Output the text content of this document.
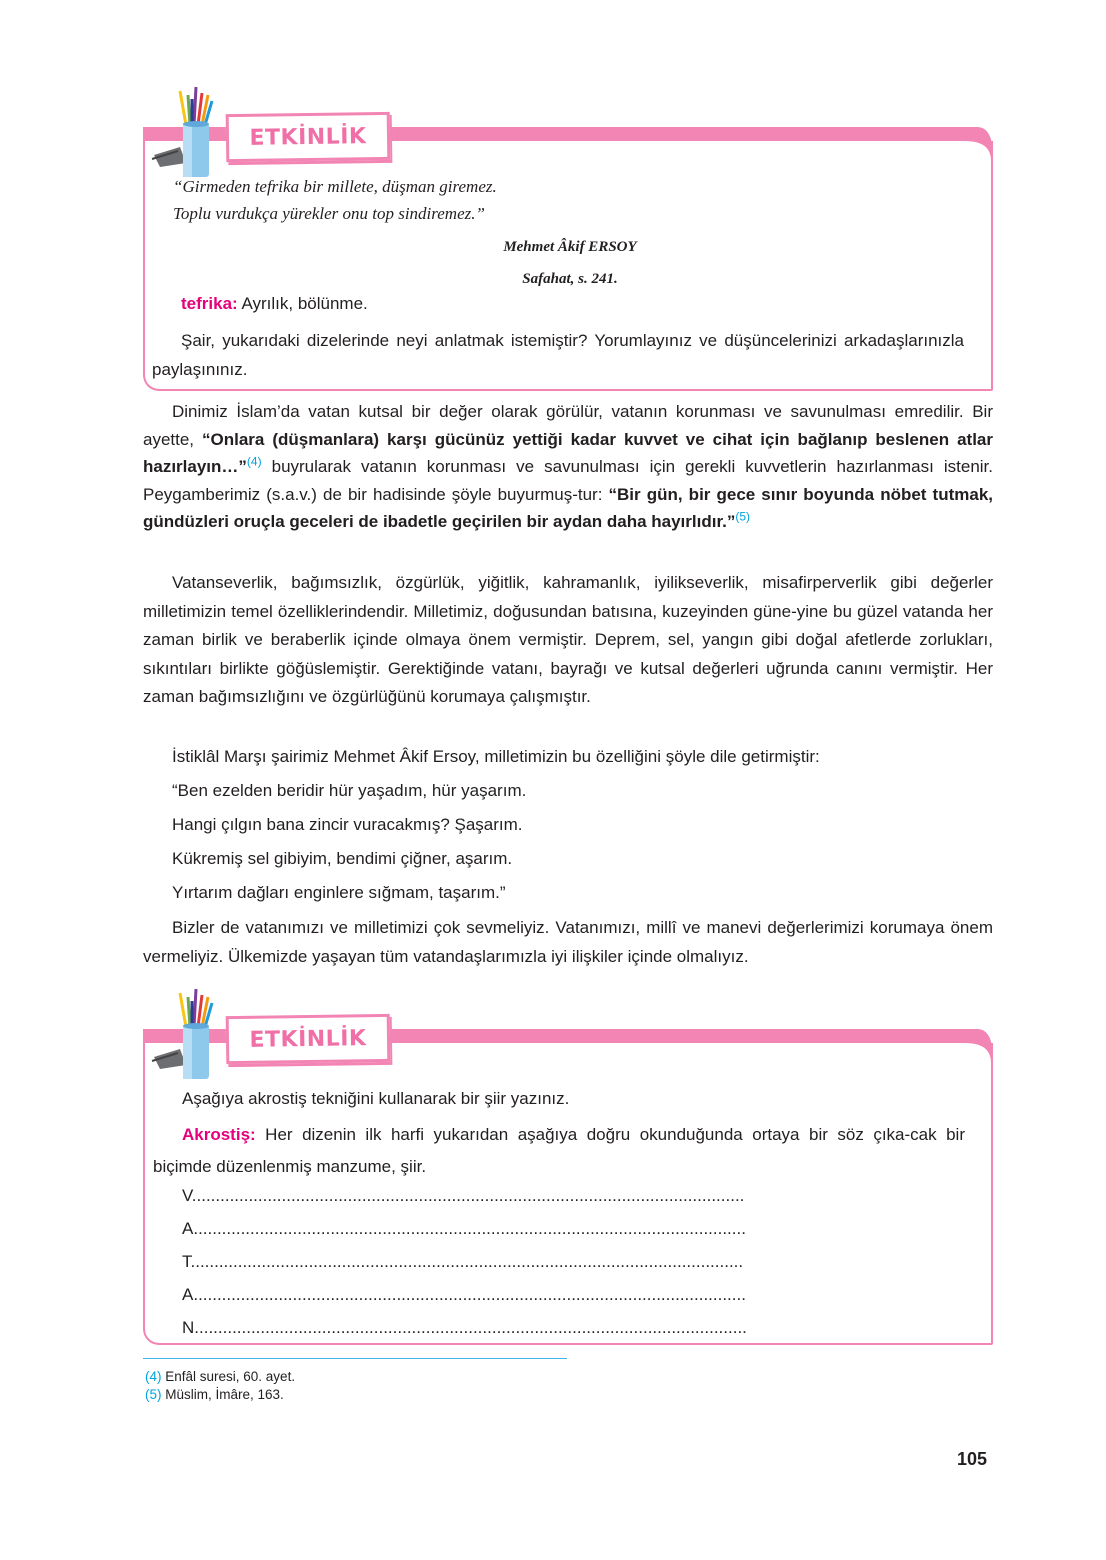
ETKİNLİK
“Girmeden tefrika bir millete, düşman giremez.
Toplu vurdukça yürekler onu top sindiremez.”
Mehmet Âkif ERSOY
Safahat, s. 241.
tefrika: Ayrılık, bölünme.
Şair, yukarıdaki dizelerinde neyi anlatmak istemiştir? Yorumlayınız ve düşüncelerinizi arkadaşlarınızla paylaşınınız.
Dinimiz İslam’da vatan kutsal bir değer olarak görülür, vatanın korunması ve savunulması emredilir. Bir ayette, “Onlara (düşmanlara) karşı gücünüz yettiği kadar kuvvet ve cihat için bağlanıp beslenen atlar hazırlayın…”$^{(4)}$ buyrularak vatanın korunması ve savunulması için gerekli kuvvetlerin hazırlanması istenir. Peygamberimiz (s.a.v.) de bir hadisinde şöyle buyurmuş-tur: “Bir gün, bir gece sınır boyunda nöbet tutmak, gündüzleri oruçla geceleri de ibadetle geçirilen bir aydan daha hayırlıdır.”$^{(5)}$
Vatanseverlik, bağımsızlık, özgürlük, yiğitlik, kahramanlık, iyilikseverlik, misafirperverlik gibi değerler milletimizin temel özelliklerindendir. Milletimiz, doğusundan batısına, kuzeyinden güne-yine bu güzel vatanda her zaman birlik ve beraberlik içinde olmaya önem vermiştir. Deprem, sel, yangın gibi doğal afetlerde zorlukları, sıkıntıları birlikte göğüslemiştir. Gerektiğinde vatanı, bayrağı ve kutsal değerleri uğrunda canını vermiştir. Her zaman bağımsızlığını ve özgürlüğünü korumaya çalışmıştır.
İstiklâl Marşı şairimiz Mehmet Âkif Ersoy, milletimizin bu özelliğini şöyle dile getirmiştir:
“Ben ezelden beridir hür yaşadım, hür yaşarım.
Hangi çılgın bana zincir vuracakmış? Şaşarım.
Kükremiş sel gibiyim, bendimi çiğner, aşarım.
Yırtarım dağları enginlere sığmam, taşarım.”
Bizler de vatanımızı ve milletimizi çok sevmeliyiz. Vatanımızı, millî ve manevi değerlerimizi korumaya önem vermeliyiz. Ülkemizde yaşayan tüm vatandaşlarımızla iyi ilişkiler içinde olmalıyız.
ETKİNLİK
Aşağıya akrostiş tekniğini kullanarak bir şiir yazınız.
Akrostiş: Her dizenin ilk harfi yukarıdan aşağıya doğru okunduğunda ortaya bir söz çıka-cak bir biçimde düzenlenmiş manzume, şiir.
V.....................................................................................................................
A.....................................................................................................................
T.....................................................................................................................
A.....................................................................................................................
N.....................................................................................................................
(4) Enfâl suresi, 60. ayet.
(5) Müslim, İmâre, 163.
105
